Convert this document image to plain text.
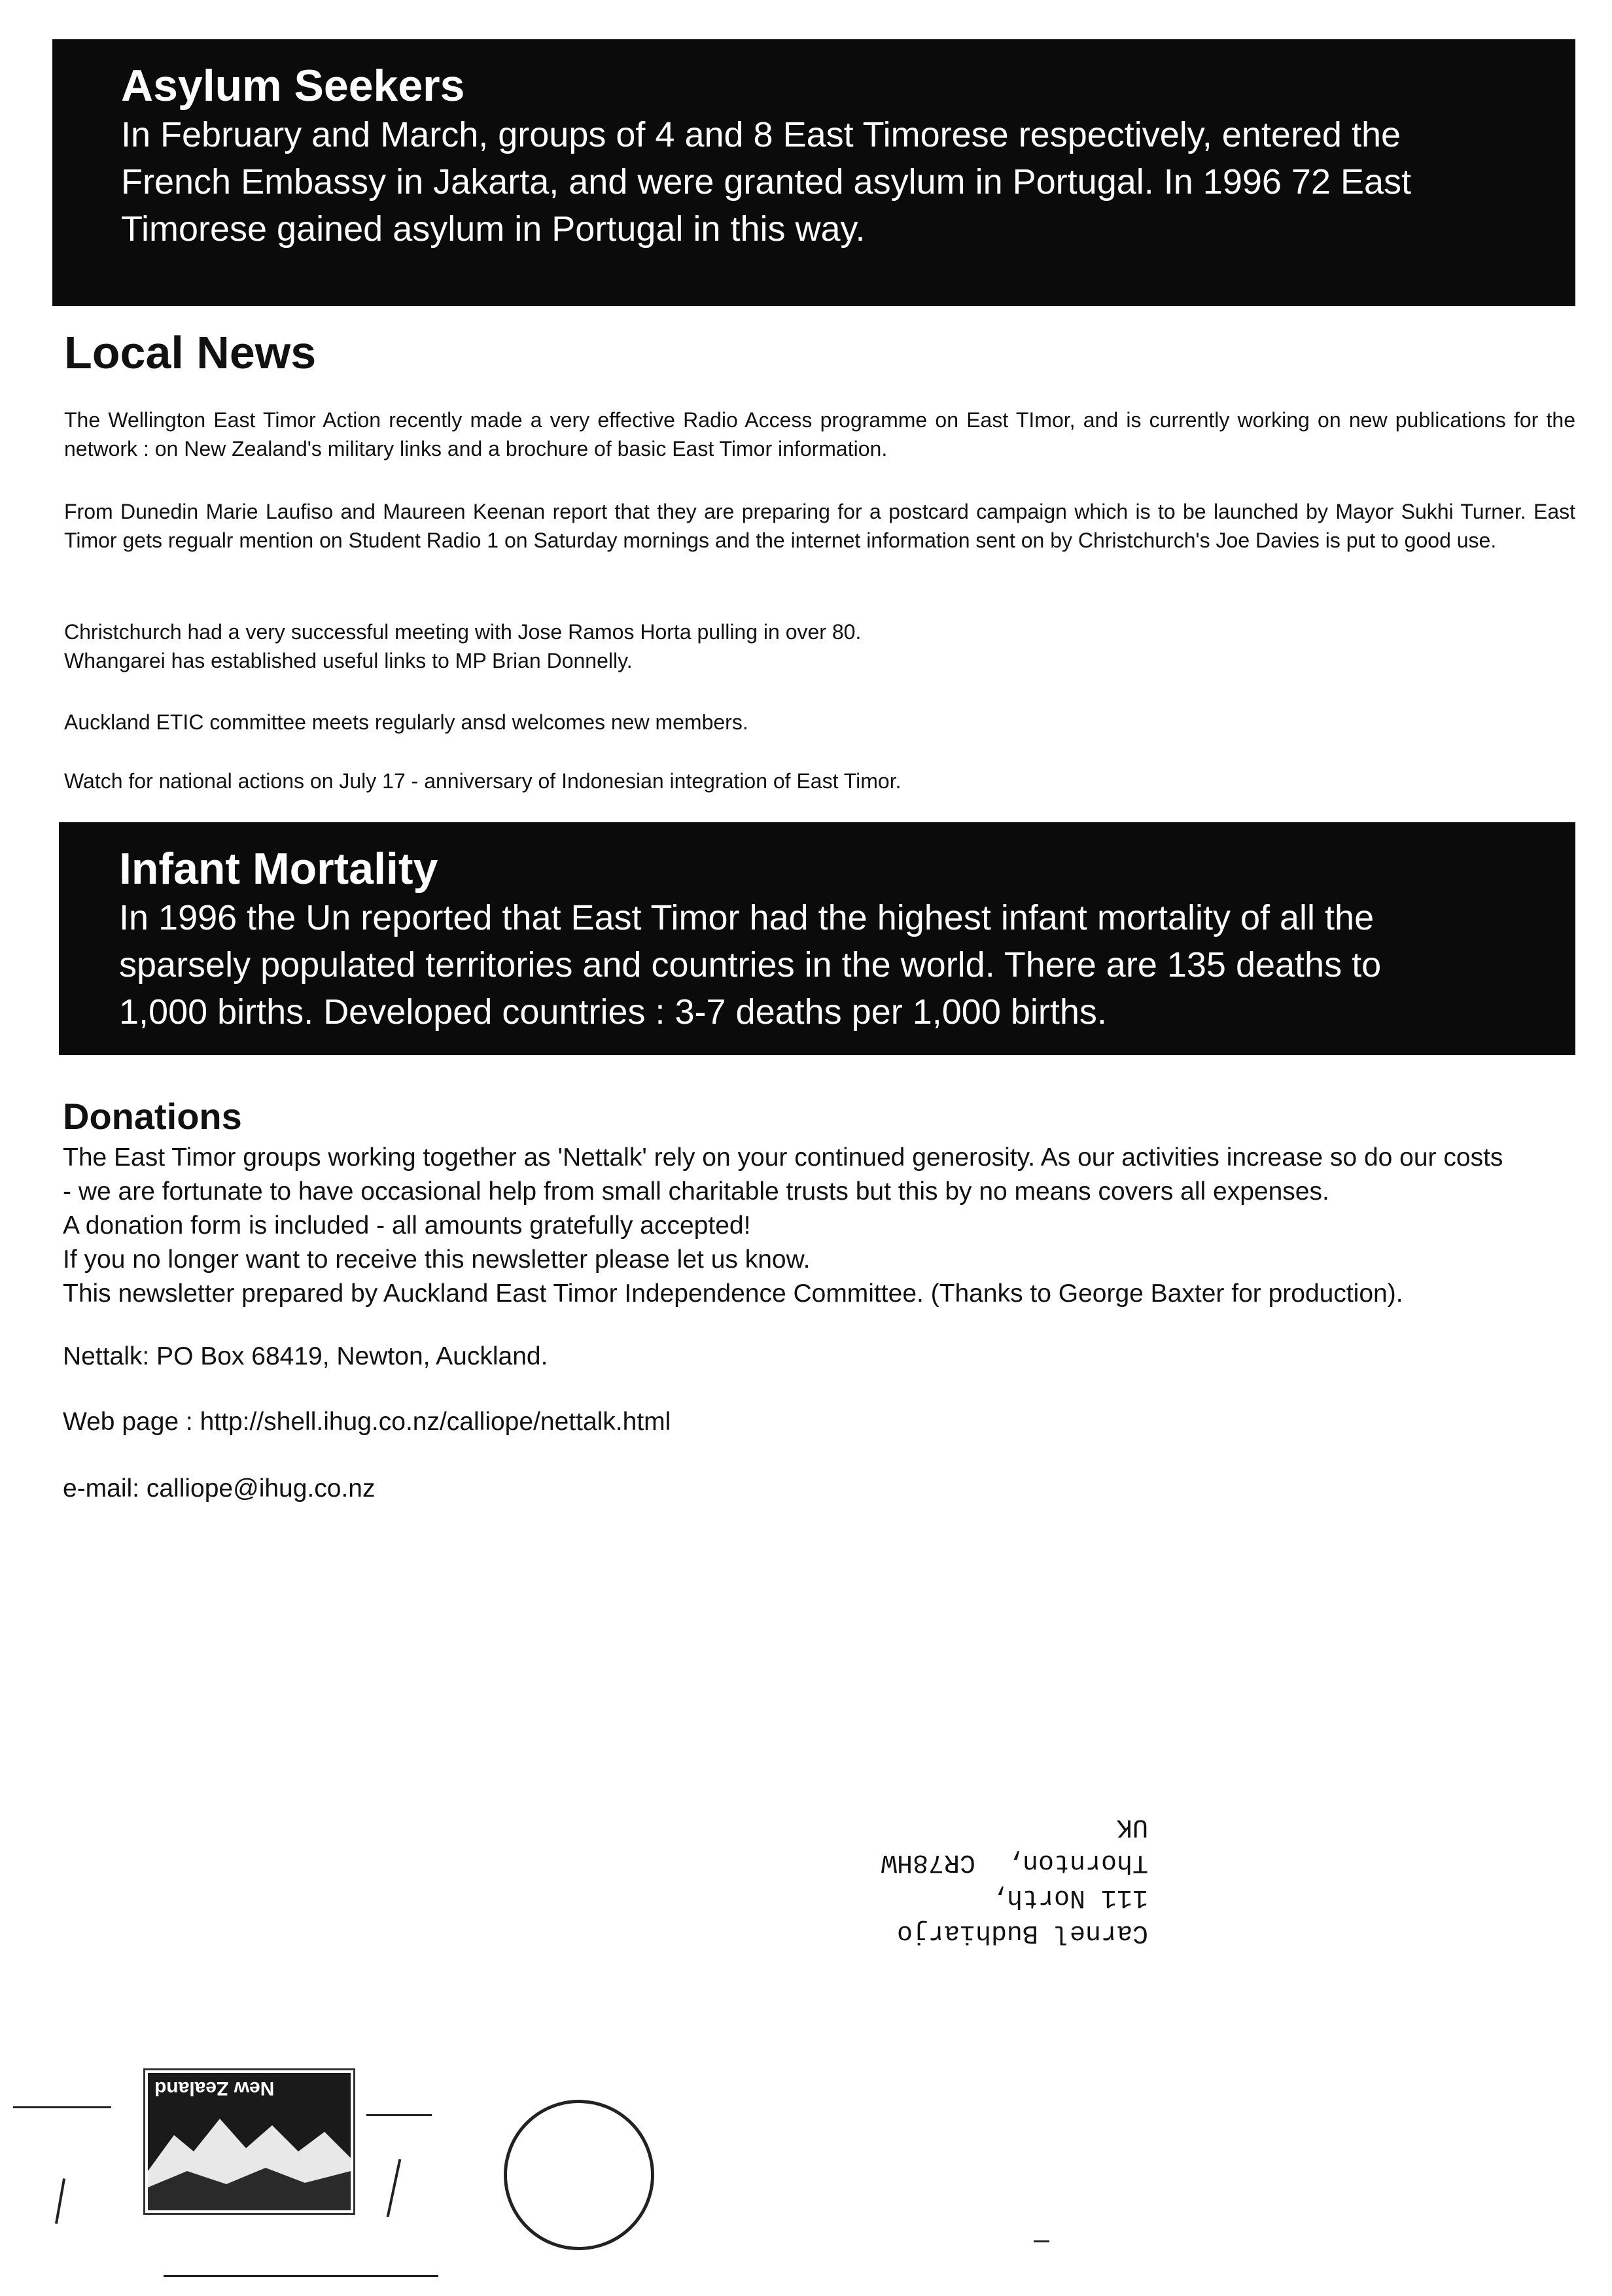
Asylum Seekers

In February and March, groups of 4 and 8 East Timorese respectively, entered the

French Embassy in Jakarta, and were granted asylum in Portugal. In 1996 72 East

Timorese gained asylum in Portugal in this way.

Local News

The Wellington East Timor Action recently made a very effective Radio Access programme on East TImor, and is currently working on new publications for the network : on New Zealand's military links and a brochure of basic East Timor information.

From Dunedin Marie Laufiso and Maureen Keenan report that they are preparing for a postcard campaign which is to be launched by Mayor Sukhi Turner. East Timor gets regualr mention on Student Radio 1 on Saturday mornings and the internet information sent on by Christchurch's Joe Davies is put to good use.

Christchurch had a very successful meeting with Jose Ramos Horta pulling in over 80.

Whangarei has established useful links to MP Brian Donnelly.

Auckland ETIC committee meets regularly ansd welcomes new members.

Watch for national actions on July 17 - anniversary of Indonesian integration of East Timor.

Infant Mortality

In 1996 the Un reported that East Timor had the highest infant mortality of all the

sparsely populated territories and countries in the world. There are 135 deaths to

1,000 births. Developed countries : 3-7 deaths per 1,000 births.

Donations

The East Timor groups working together as 'Nettalk' rely on your continued generosity. As our activities increase so do our costs

- we are fortunate to have occasional help from small charitable trusts but this by no means covers all expenses.

A donation form is included - all amounts gratefully accepted!

If you no longer want to receive this newsletter please let us know.

This newsletter prepared by Auckland East Timor Independence Committee. (Thanks to George Baxter for production).

Nettalk: PO Box 68419, Newton, Auckland.

Web page : http://shell.ihug.co.nz/calliope/nettalk.html

e-mail: calliope@ihug.co.nz

Carnel Budhiarjo
111 North,
Thornton,  CR78HW
UK
New Zealand
